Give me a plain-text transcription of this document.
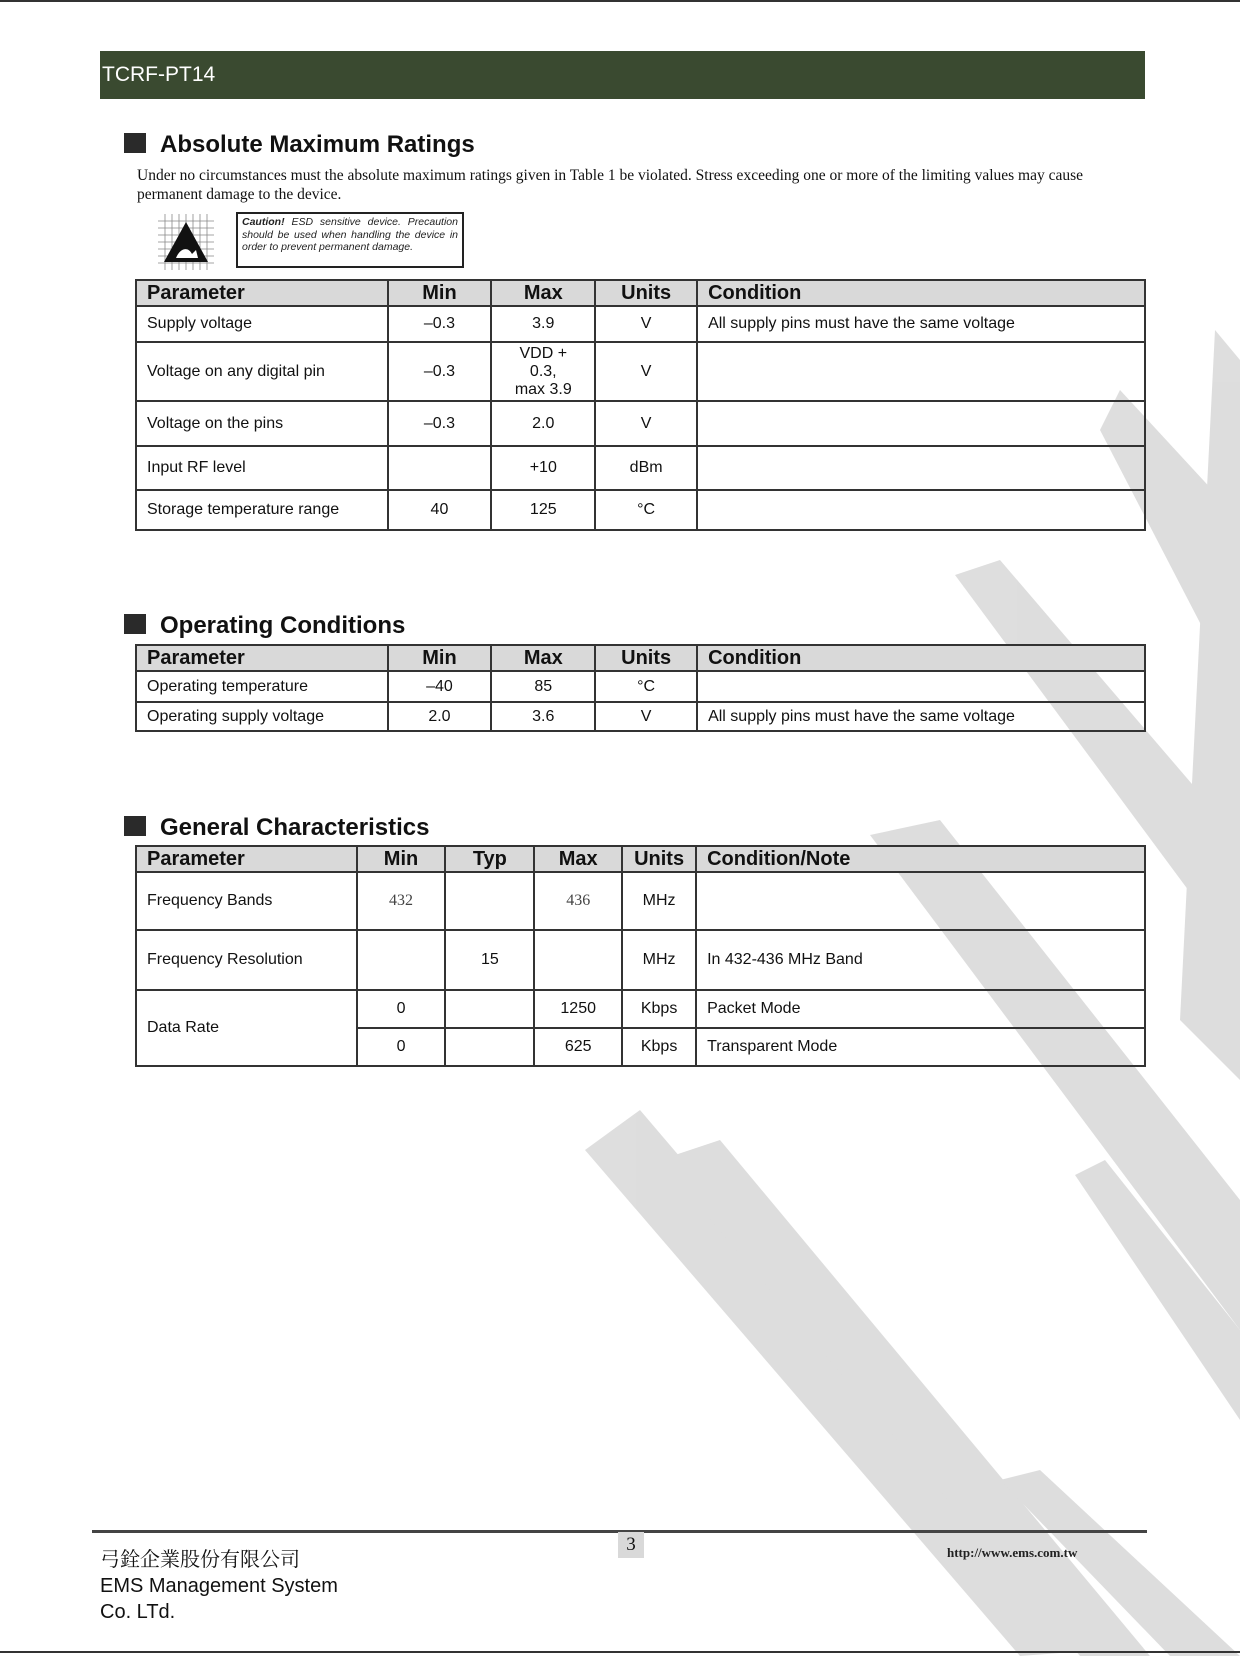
TCRF-PT14
Absolute Maximum Ratings
Under no circumstances must the absolute maximum ratings given in Table 1 be violated. Stress exceeding one or more of the limiting values may cause permanent damage to the device.
Caution! ESD sensitive device. Precaution should be used when handling the device in order to prevent permanent damage.
Parameter	Min	Max	Units	Condition
Supply voltage	–0.3	3.9	V	All supply pins must have the same voltage
Voltage on any digital pin	–0.3	VDD +
0.3,
max 3.9	V	
Voltage on the pins	–0.3	2.0	V	
Input RF level		+10	dBm	
Storage temperature range	40	125	°C	
Operating Conditions
Parameter	Min	Max	Units	Condition
Operating temperature	–40	85	°C	
Operating supply voltage	2.0	3.6	V	All supply pins must have the same voltage
General Characteristics
Parameter	Min	Typ	Max	Units	Condition/Note
Frequency Bands	432		436	MHz	
Frequency Resolution		15		MHz	In 432-436 MHz Band
Data Rate	0		1250	Kbps	Packet Mode
	0		625	Kbps	Transparent Mode
3
弓銓企業股份有限公司
EMS Management System
Co. LTd.
http://www.ems.com.tw
